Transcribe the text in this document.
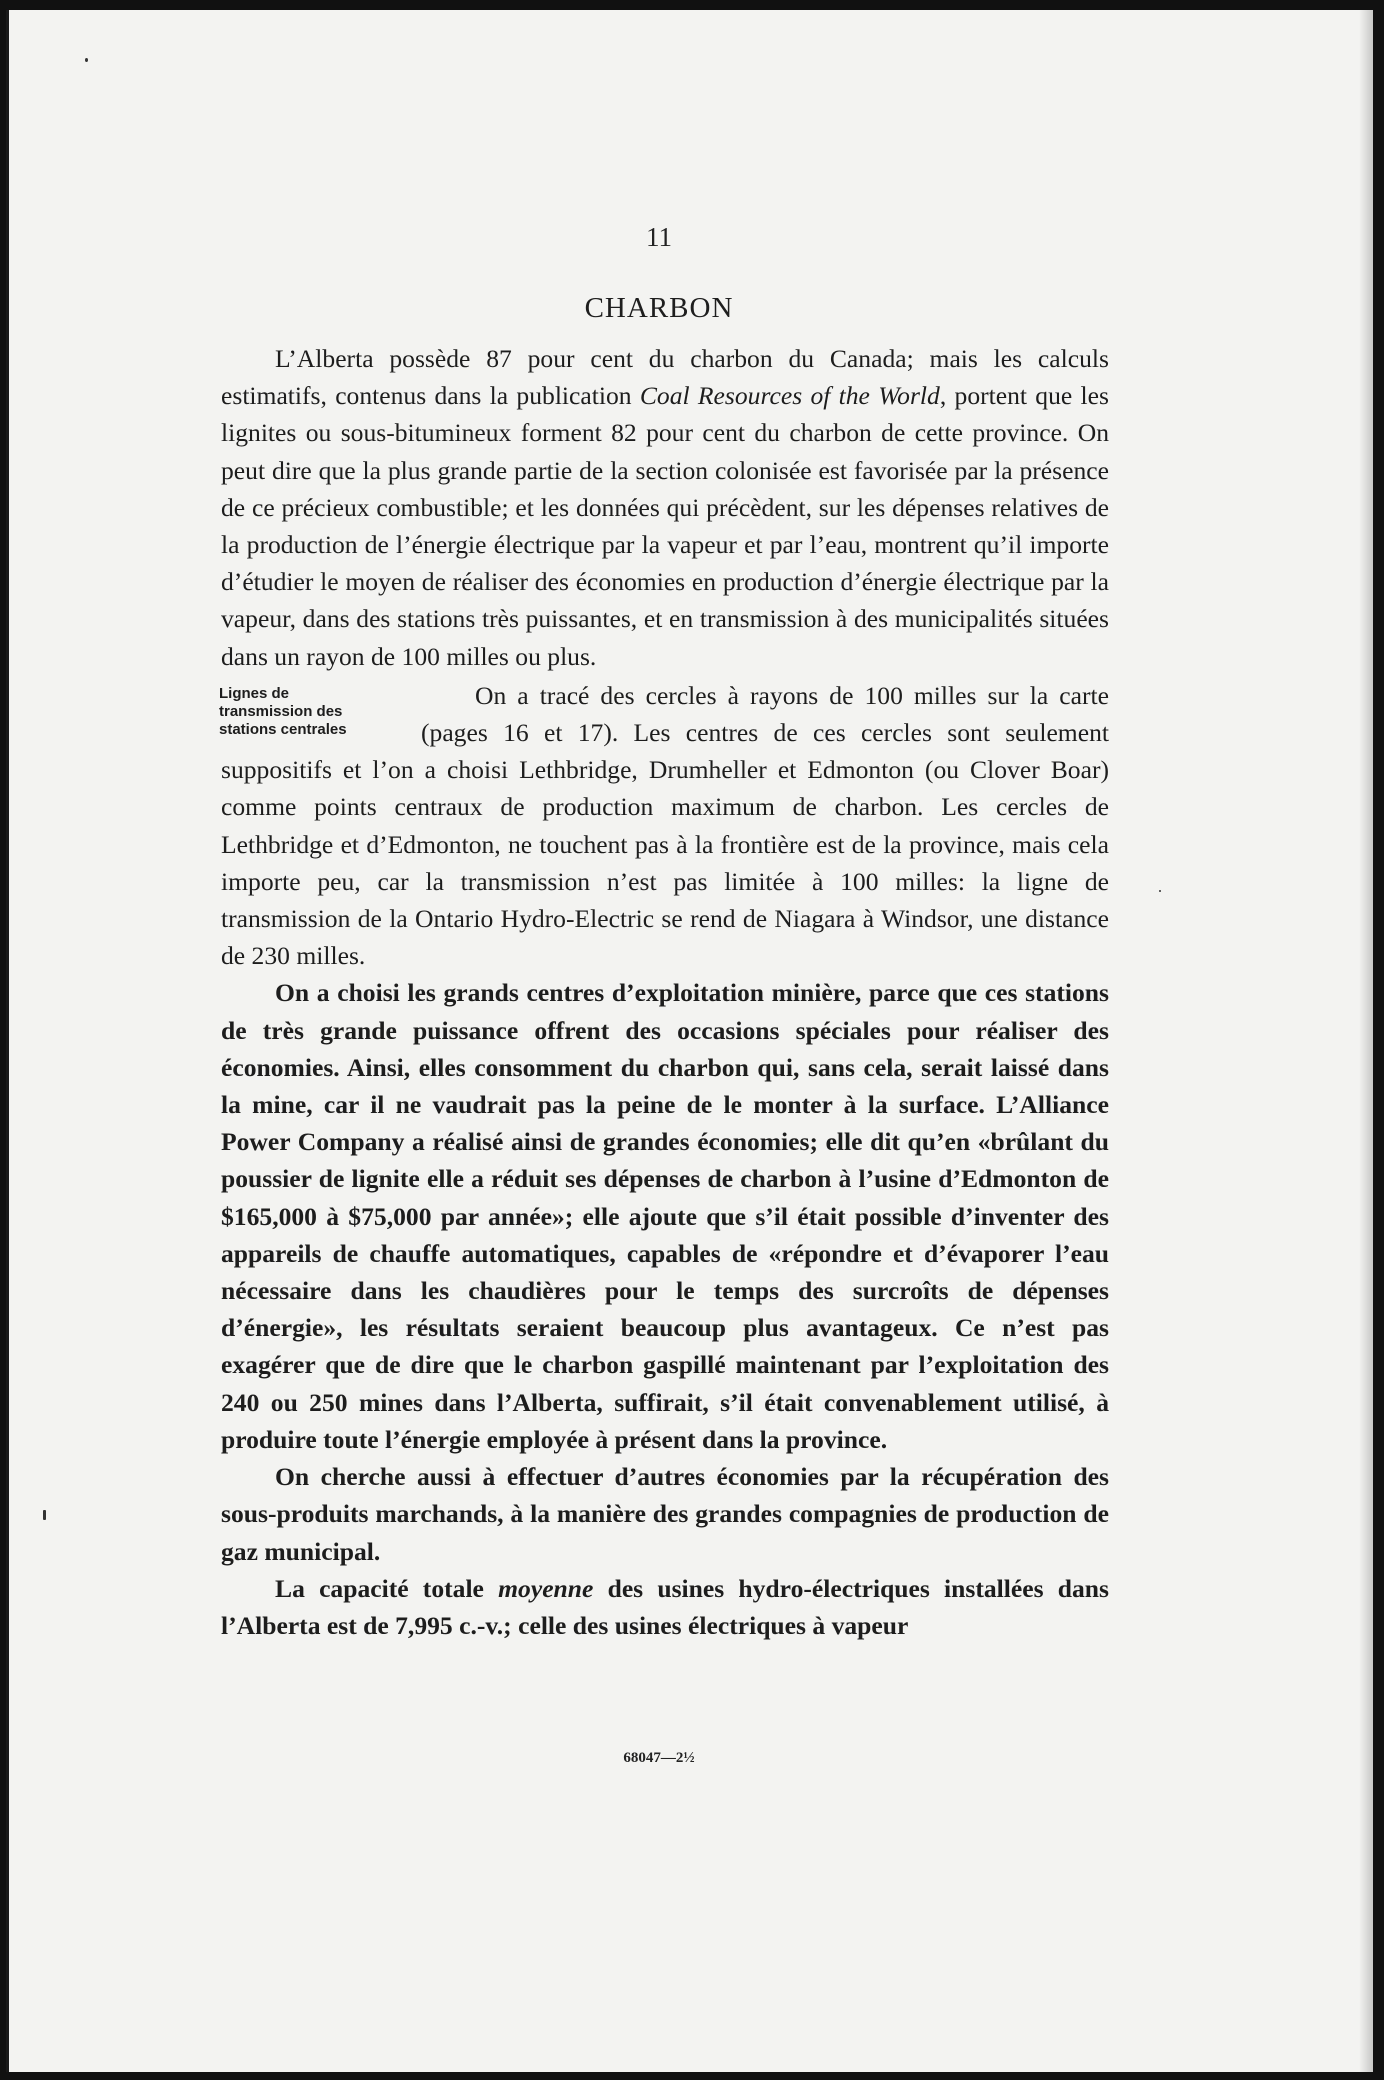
11
CHARBON

L’Alberta possède 87 pour cent du charbon du Canada; mais les calculs estimatifs, contenus dans la publication Coal Resources of the World, portent que les lignites ou sous-bitumineux forment 82 pour cent du charbon de cette province. On peut dire que la plus grande partie de la section colonisée est favorisée par la présence de ce précieux combustible; et les données qui précèdent, sur les dépenses relatives de la production de l’énergie électrique par la vapeur et par l’eau, montrent qu’il importe d’étudier le moyen de réaliser des économies en production d’énergie électrique par la vapeur, dans des stations très puissantes, et en transmission à des municipalités situées dans un rayon de 100 milles ou plus.

Lignes de
transmission des
stations centrales
On a tracé des cercles à rayons de 100 milles sur la carte (pages 16 et 17). Les centres de ces cercles sont seulement suppositifs et l’on a choisi Lethbridge, Drumheller et Edmonton (ou Clover Boar) comme points centraux de production maximum de charbon. Les cercles de Lethbridge et d’Edmonton, ne touchent pas à la frontière est de la province, mais cela importe peu, car la transmission n’est pas limitée à 100 milles: la ligne de transmission de la Ontario Hydro-Electric se rend de Niagara à Windsor, une distance de 230 milles.

On a choisi les grands centres d’exploitation minière, parce que ces stations de très grande puissance offrent des occasions spéciales pour réaliser des économies. Ainsi, elles consomment du charbon qui, sans cela, serait laissé dans la mine, car il ne vaudrait pas la peine de le monter à la surface. L’Alliance Power Company a réalisé ainsi de grandes économies; elle dit qu’en «brûlant du poussier de lignite elle a réduit ses dépenses de charbon à l’usine d’Edmonton de $165,000 à $75,000 par année»; elle ajoute que s’il était possible d’inventer des appareils de chauffe automatiques, capables de «répondre et d’évaporer l’eau nécessaire dans les chaudières pour le temps des surcroîts de dépenses d’énergie», les résultats seraient beaucoup plus avantageux. Ce n’est pas exagérer que de dire que le charbon gaspillé maintenant par l’exploitation des 240 ou 250 mines dans l’Alberta, suffirait, s’il était convenablement utilisé, à produire toute l’énergie employée à présent dans la province.

On cherche aussi à effectuer d’autres économies par la récupération des sous-produits marchands, à la manière des grandes compagnies de production de gaz municipal.

La capacité totale moyenne des usines hydro-électriques installées dans l’Alberta est de 7,995 c.-v.; celle des usines électriques à vapeur

68047—2½
